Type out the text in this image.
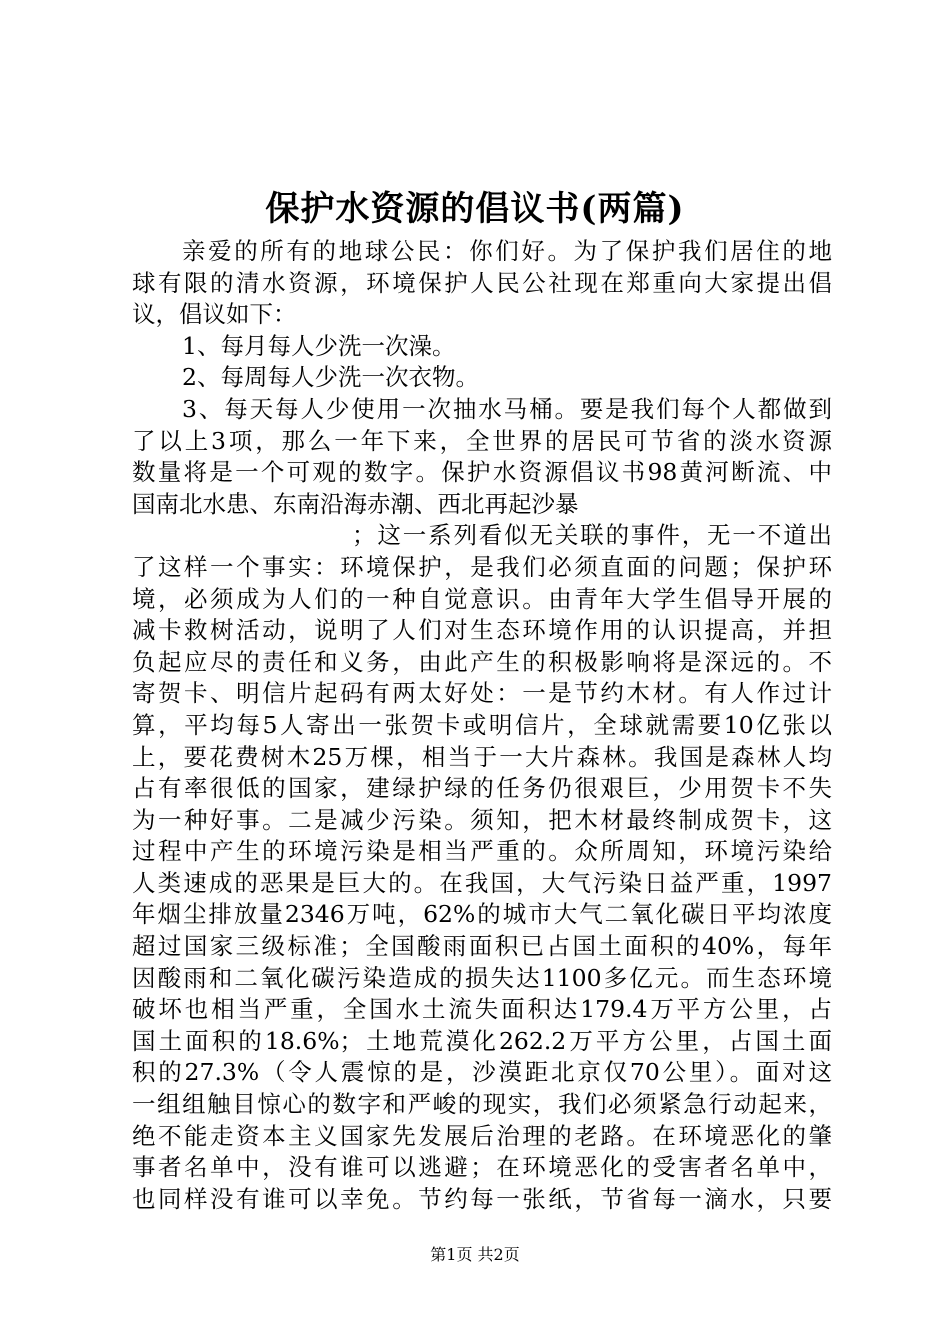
保护水资源的倡议书(两篇)
亲爱的所有的地球公民：你们好。为了保护我们居住的地
球有限的清水资源，环境保护人民公社现在郑重向大家提出倡
议，倡议如下：
1、每月每人少洗一次澡。
2、每周每人少洗一次衣物。
3、每天每人少使用一次抽水马桶。要是我们每个人都做到
了以上3项，那么一年下来，全世界的居民可节省的淡水资源
数量将是一个可观的数字。保护水资源倡议书98黄河断流、中
国南北水患、东南沿海赤潮、西北再起沙暴
；这一系列看似无关联的事件，无一不道出
了这样一个事实：环境保护，是我们必须直面的问题；保护环
境，必须成为人们的一种自觉意识。由青年大学生倡导开展的
减卡救树活动，说明了人们对生态环境作用的认识提高，并担
负起应尽的责任和义务，由此产生的积极影响将是深远的。不
寄贺卡、明信片起码有两太好处：一是节约木材。有人作过计
算，平均每5人寄出一张贺卡或明信片，全球就需要10亿张以
上，要花费树木25万棵，相当于一大片森林。我国是森林人均
占有率很低的国家，建绿护绿的任务仍很艰巨，少用贺卡不失
为一种好事。二是减少污染。须知，把木材最终制成贺卡，这
过程中产生的环境污染是相当严重的。众所周知，环境污染给
人类速成的恶果是巨大的。在我国，大气污染日益严重，1997
年烟尘排放量2346万吨，62%的城市大气二氧化碳日平均浓度
超过国家三级标准；全国酸雨面积已占国土面积的40%，每年
因酸雨和二氧化碳污染造成的损失达1100多亿元。而生态环境
破坏也相当严重，全国水土流失面积达179.4万平方公里，占
国土面积的18.6%；土地荒漠化262.2万平方公里，占国土面
积的27.3%（令人震惊的是，沙漠距北京仅70公里）。面对这
一组组触目惊心的数字和严峻的现实，我们必须紧急行动起来，
绝不能走资本主义国家先发展后治理的老路。在环境恶化的肇
事者名单中，没有谁可以逃避；在环境恶化的受害者名单中，
也同样没有谁可以幸免。节约每一张纸，节省每一滴水，只要
第1页 共2页
